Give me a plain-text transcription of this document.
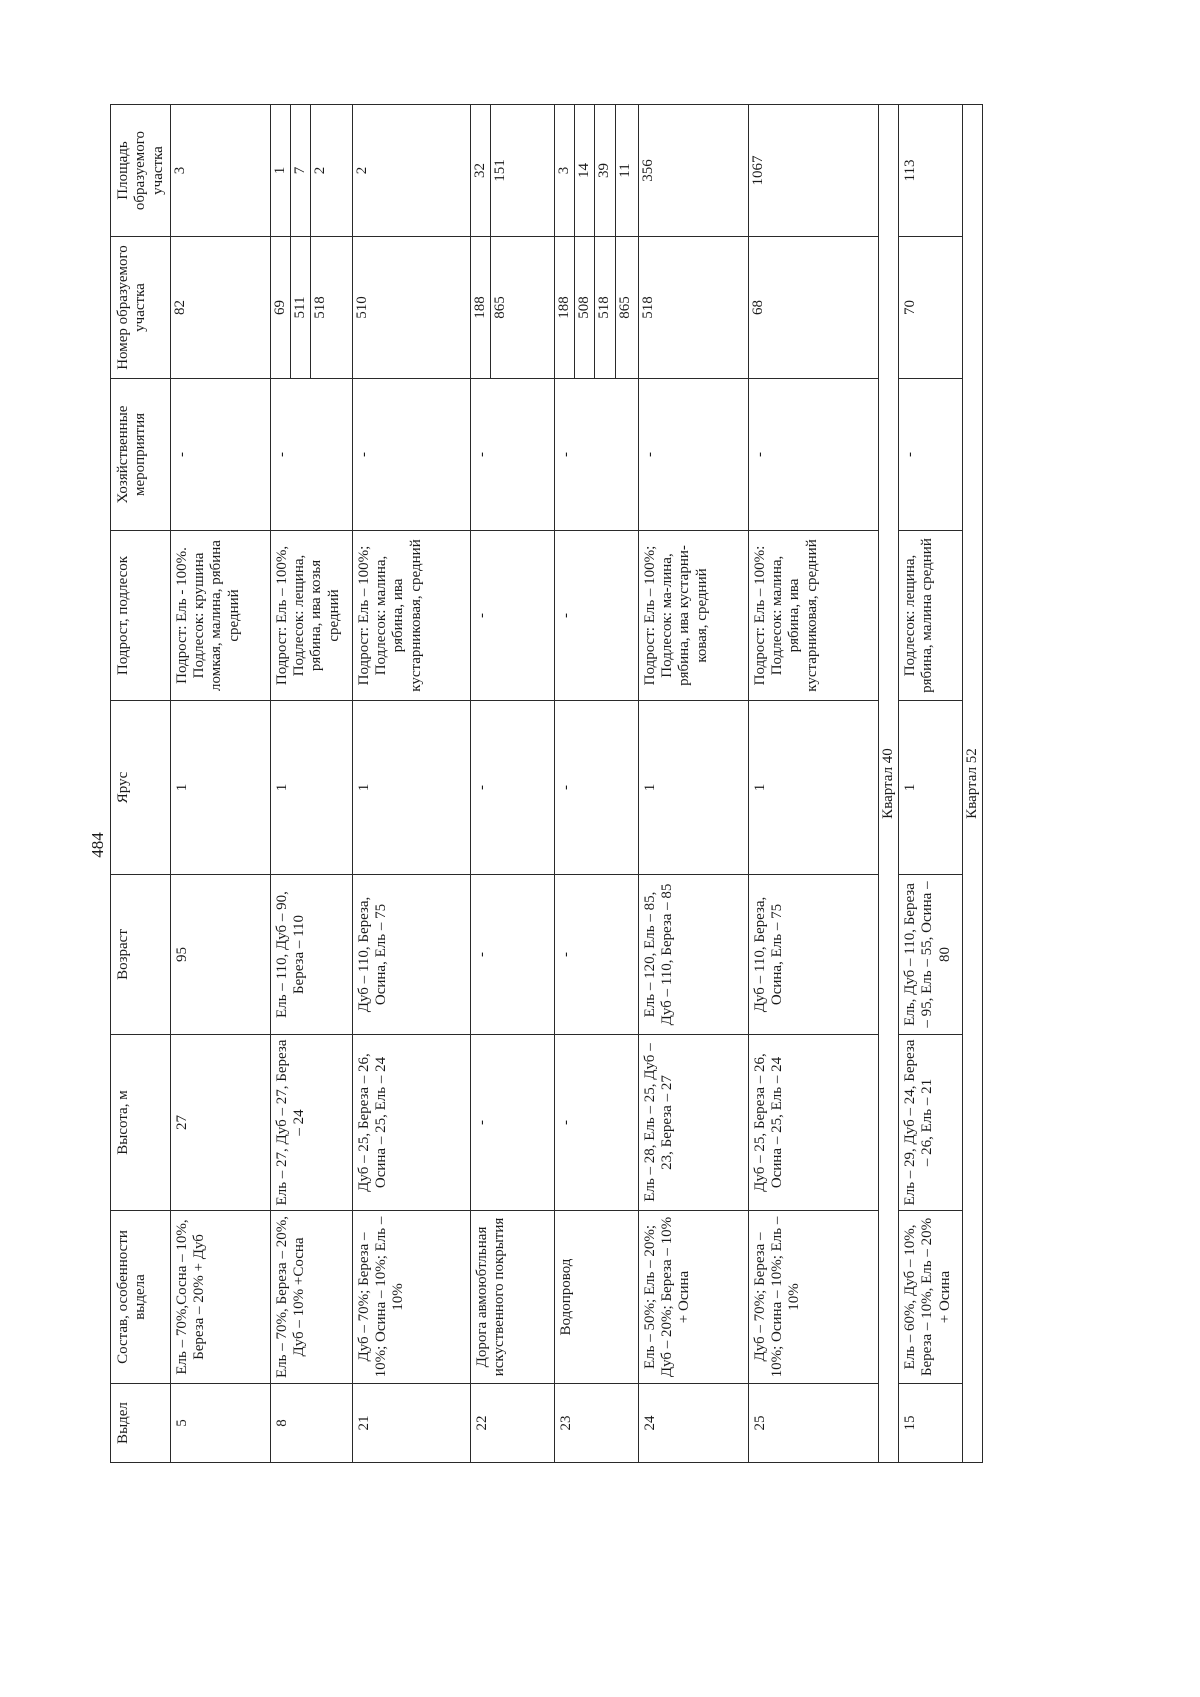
484
Выдел	Состав, особенности выдела	Высота, м	Возраст	Ярус	Подрост, подлесок	Хозяйственные мероприятия	Номер образуемого участка	Площадь образуемого участка
5	Ель – 70%,Сосна – 10%, Береза – 20% + Дуб	27	95	1	Подрост: Ель - 100%. Подлесок: крушина ломкая, малина, рябина средний	-	82	3

8	Ель – 70%, Береза – 20%, Дуб – 10% +Сосна	Ель – 27, Дуб – 27, Береза – 24	Ель – 110, Дуб – 90, Береза – 110	1	Подрост: Ель – 100%, Подлесок: лещина, рябина, ива козья средний	-	69 511 518	1 7 2

21	Дуб – 70%; Береза – 10%; Осина – 10%; Ель – 10%	Дуб – 25, Береза – 26, Осина – 25, Ель – 24	Дуб – 110, Береза, Осина, Ель – 75	1	Подрост: Ель – 100%; Подлесок: малина, рябина, ива кустарниковая, средний	-	510	2

22	Дорога авмоюбтльная искуственного покрытия	-	-	-	-	-	188 865	32 151

23	Водопровод	-	-	-	-	-	188 508 518 865	3 14 39 11

24	Ель – 50%; Ель – 20%; Дуб – 20%; Береза – 10% + Осина	Ель – 28, Ель – 25, Дуб – 23, Береза – 27	Ель – 120, Ель – 85, Дуб – 110, Береза – 85	1	Подрост: Ель – 100%; Подлесок: ма-лина, рябина, ива кустарни-ковая, средний	-	518	356

25	Дуб – 70%; Береза – 10%; Осина – 10%; Ель – 10%	Дуб – 25, Береза – 26, Осина – 25, Ель – 24	Дуб – 110, Береза, Осина, Ель – 75	1	Подрост: Ель – 100%: Подлесок: малина, рябина, ива кустарниковая, средний	-	68	1067

Квартал 40								
15	Ель – 60%, Дуб – 10%, Береза – 10%, Ель – 20% + Осина	Ель – 29, Дуб – 24, Береза – 26, Ель – 21	Ель, Дуб – 110, Береза – 95, Ель – 55, Осина – 80	1	Подлесок: лещина, рябина, малина средний	-	70	113
Квартал 52								
